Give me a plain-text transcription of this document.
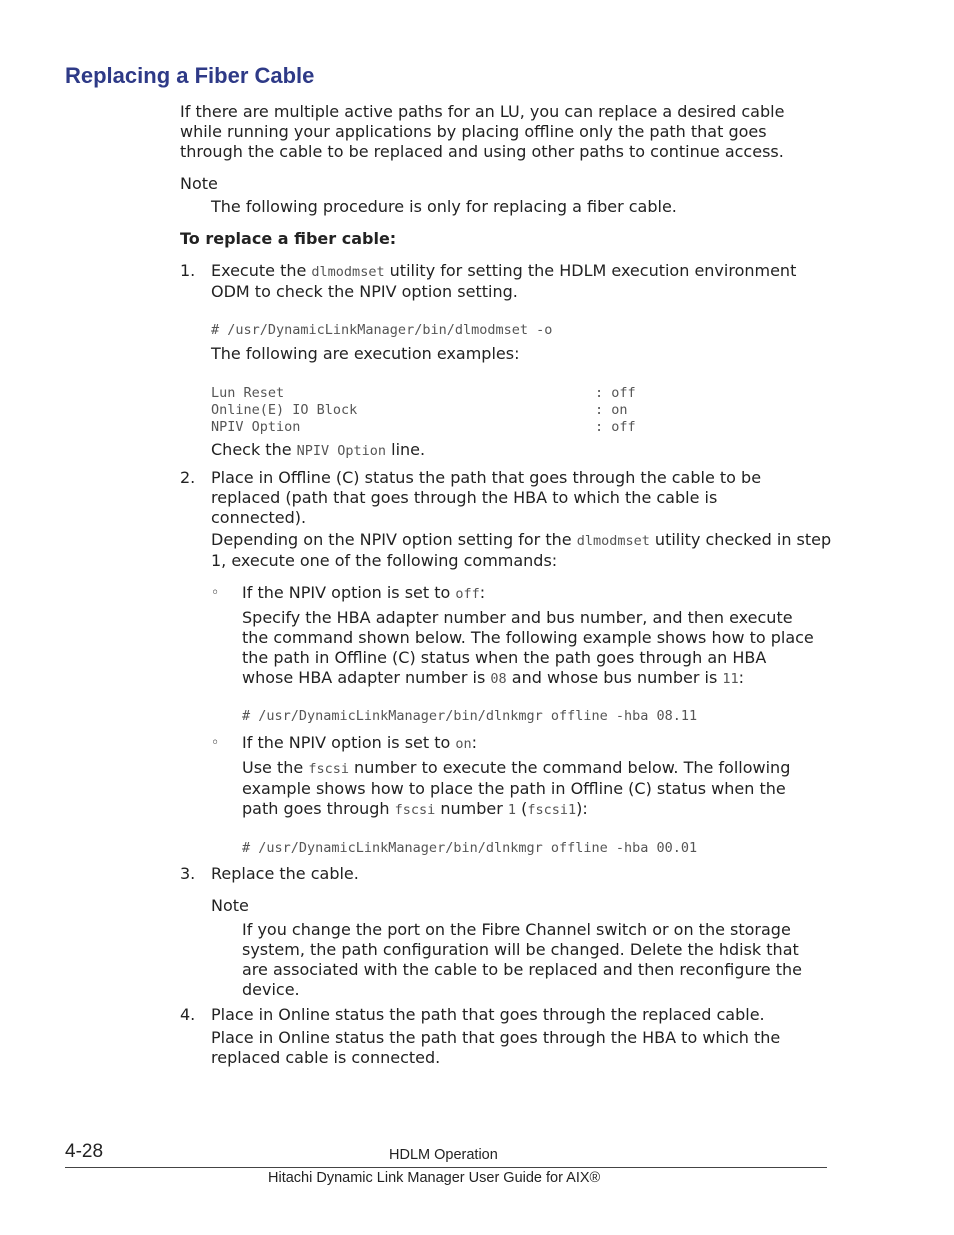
Replacing a Fiber Cable
If there are multiple active paths for an LU, you can replace a desired cable while running your applications by placing offline only the path that goes through the cable to be replaced and using other paths to continue access.
Note
The following procedure is only for replacing a fiber cable.
To replace a fiber cable:
1. Execute the dlmodmset utility for setting the HDLM execution environment ODM to check the NPIV option setting.
# /usr/DynamicLinkManager/bin/dlmodmset -o
The following are execution examples:
Lun Reset	: off
Online(E) IO Block	: on
NPIV Option	: off
Check the NPIV Option line.
2. Place in Offline (C) status the path that goes through the cable to be replaced (path that goes through the HBA to which the cable is connected).
Depending on the NPIV option setting for the dlmodmset utility checked in step 1, execute one of the following commands:
◦ If the NPIV option is set to off:
Specify the HBA adapter number and bus number, and then execute the command shown below. The following example shows how to place the path in Offline (C) status when the path goes through an HBA whose HBA adapter number is 08 and whose bus number is 11:
# /usr/DynamicLinkManager/bin/dlnkmgr offline -hba 08.11
◦ If the NPIV option is set to on:
Use the fscsi number to execute the command below. The following example shows how to place the path in Offline (C) status when the path goes through fscsi number 1 (fscsi1):
# /usr/DynamicLinkManager/bin/dlnkmgr offline -hba 00.01
3. Replace the cable.
Note
If you change the port on the Fibre Channel switch or on the storage system, the path configuration will be changed. Delete the hdisk that are associated with the cable to be replaced and then reconfigure the device.
4. Place in Online status the path that goes through the replaced cable.
Place in Online status the path that goes through the HBA to which the replaced cable is connected.
4-28	HDLM Operation
Hitachi Dynamic Link Manager User Guide for AIX®
